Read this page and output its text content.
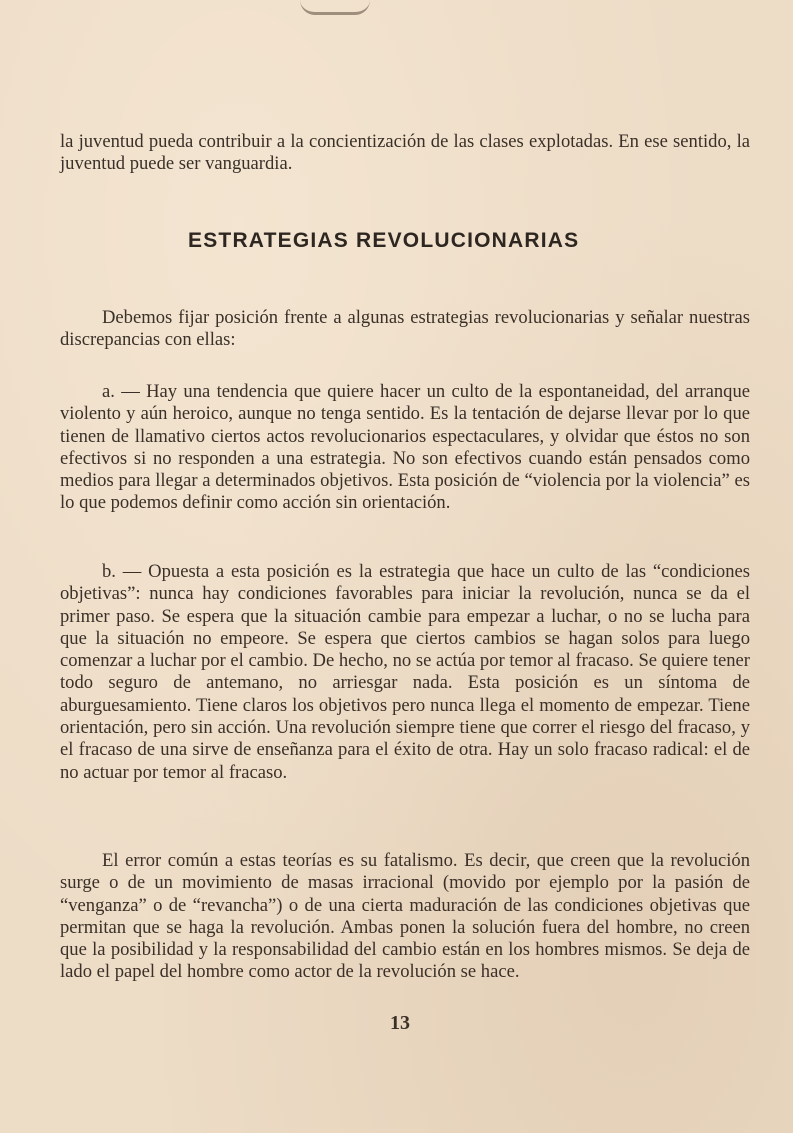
la juventud pueda contribuir a la concientización de las clases explotadas. En ese sentido, la juventud puede ser vanguardia.

ESTRATEGIAS REVOLUCIONARIAS

Debemos fijar posición frente a algunas estrategias revolucionarias y señalar nuestras discrepancias con ellas:

a. — Hay una tendencia que quiere hacer un culto de la espontaneidad, del arranque violento y aún heroico, aunque no tenga sentido. Es la tentación de dejarse llevar por lo que tienen de llamativo ciertos actos revolucionarios espectaculares, y olvidar que éstos no son efectivos si no responden a una estrategia. No son efectivos cuando están pensados como medios para llegar a determinados objetivos. Esta posición de “violencia por la violencia” es lo que podemos definir como acción sin orientación.

b. — Opuesta a esta posición es la estrategia que hace un culto de las “condiciones objetivas”: nunca hay condiciones favorables para iniciar la revolución, nunca se da el primer paso. Se espera que la situación cambie para empezar a luchar, o no se lucha para que la situación no empeore. Se espera que ciertos cambios se hagan solos para luego comenzar a luchar por el cambio. De hecho, no se actúa por temor al fracaso. Se quiere tener todo seguro de antemano, no arriesgar nada. Esta posición es un síntoma de aburguesamiento. Tiene claros los objetivos pero nunca llega el momento de empezar. Tiene orientación, pero sin acción. Una revolución siempre tiene que correr el riesgo del fracaso, y el fracaso de una sirve de enseñanza para el éxito de otra. Hay un solo fracaso radical: el de no actuar por temor al fracaso.

El error común a estas teorías es su fatalismo. Es decir, que creen que la revolución surge o de un movimiento de masas irracional (movido por ejemplo por la pasión de “venganza” o de “revancha”) o de una cierta maduración de las condiciones objetivas que permitan que se haga la revolución. Ambas ponen la solución fuera del hombre, no creen que la posibilidad y la responsabilidad del cambio están en los hombres mismos. Se deja de lado el papel del hombre como actor de la revolución se hace.

13
